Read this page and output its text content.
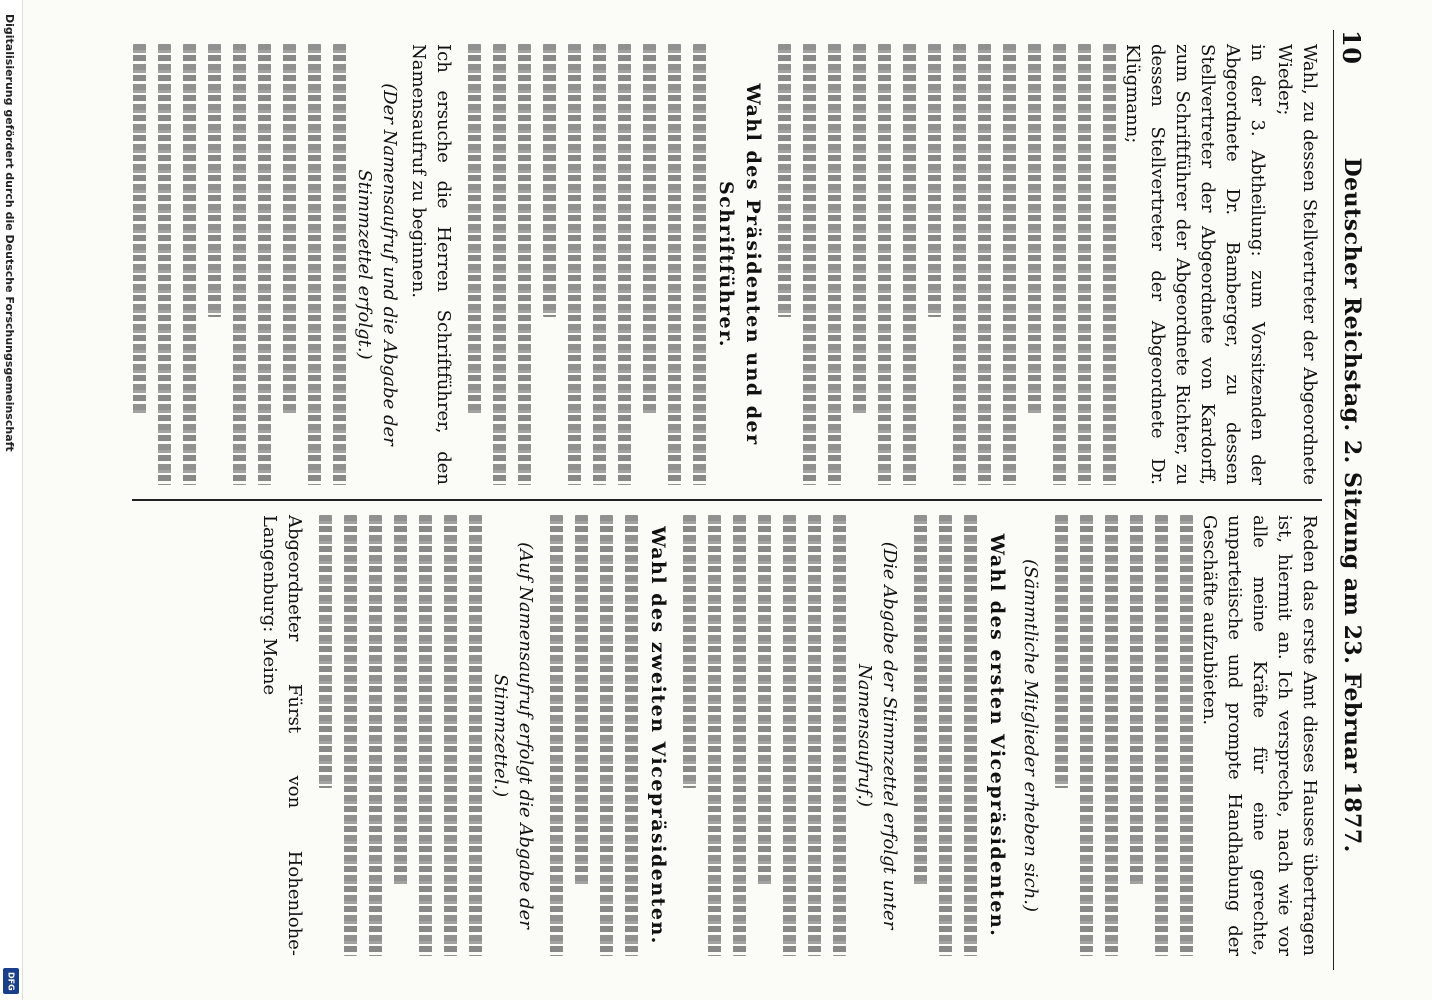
Digitalisierung gefördert durch die Deutsche Forschungsgemeinschaft
DFG
10
Deutscher Reichstag. 2. Sitzung am 23. Februar 1877.

Wahl, zu dessen Stellvertreter der Abgeordnete Wieder;

in der 3. Abtheilung: zum Vorsitzenden der Abgeordnete Dr. Bamberger, zu dessen Stellvertreter der Abgeordnete von Kardorff, zum Schriftführer der Abgeordnete Richter, zu dessen Stellvertreter der Abgeordnete Dr. Klügmann;

Wahl des Präsidenten und der Schriftführer.

Ich ersuche die Herren Schriftführer, den Namensaufruf zu beginnen.

(Der Namensaufruf und die Abgabe der Stimmzettel erfolgt.)

Reden das erste Amt dieses Hauses übertragen ist, hiermit an. Ich verspreche, nach wie vor alle meine Kräfte für eine gerechte, unparteiische und prompte Handhabung der Geschäfte aufzubieten.

(Sämmtliche Mitglieder erheben sich.)
Wahl des ersten Vicepräsidenten.
(Die Abgabe der Stimmzettel erfolgt unter Namensaufruf.)
Wahl des zweiten Vicepräsidenten.
(Auf Namensaufruf erfolgt die Abgabe der Stimmzettel.)

Abgeordneter Fürst von Hohenlohe-Langenburg: Meine
